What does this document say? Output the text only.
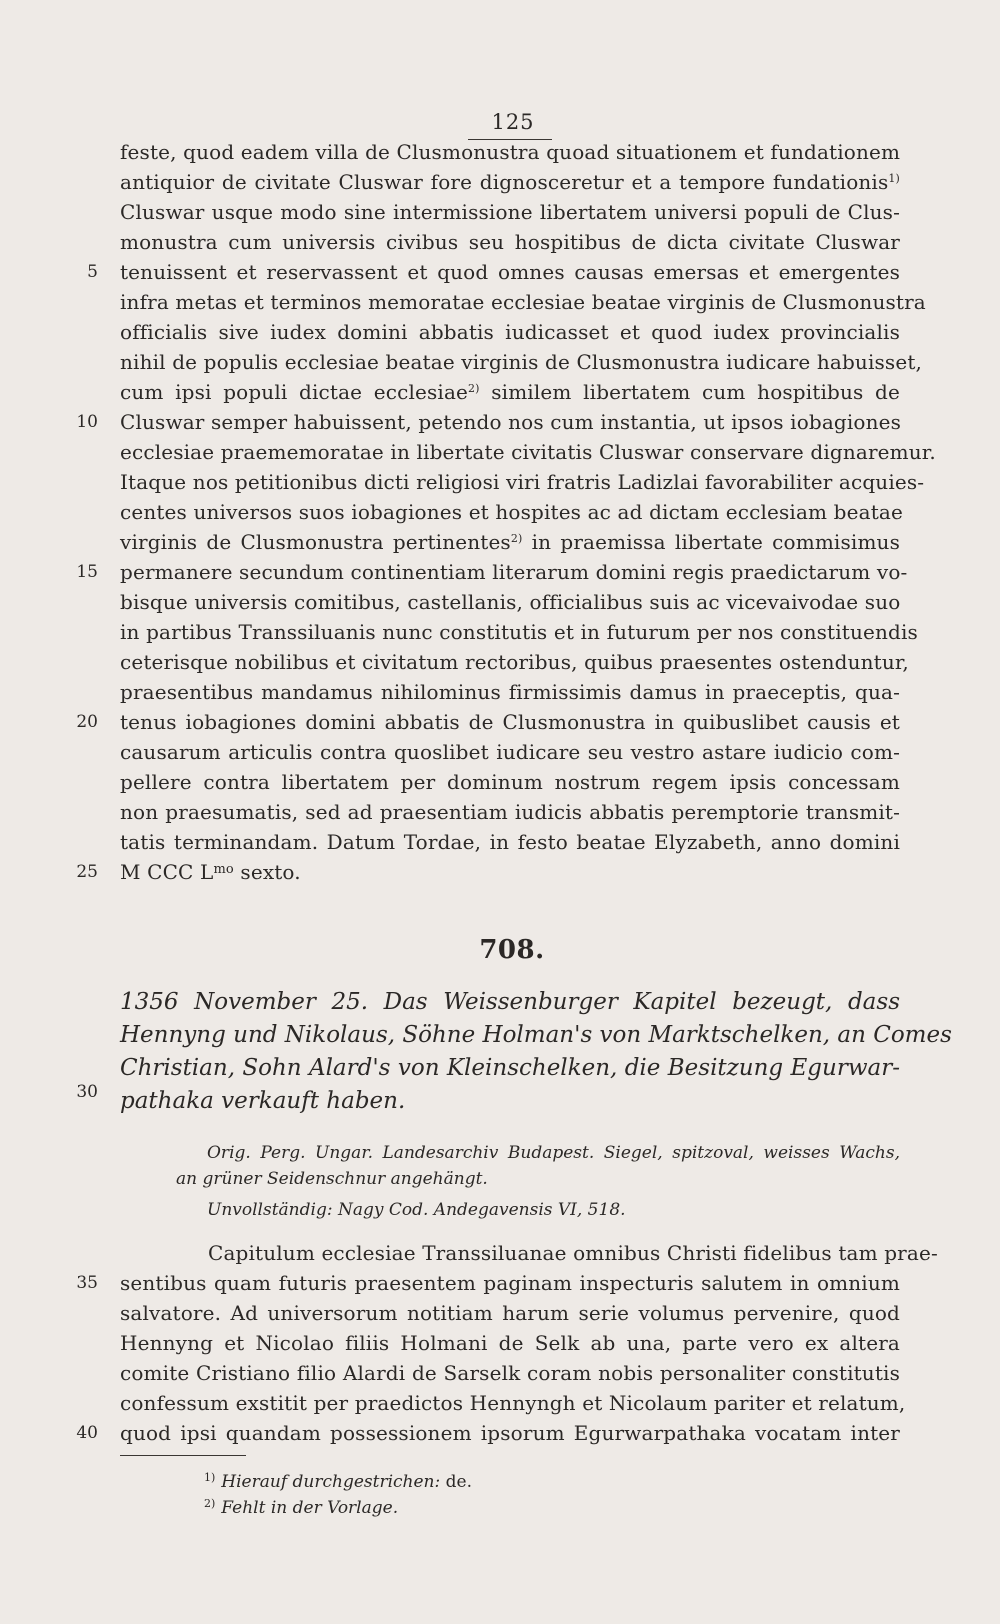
125
feste, quod eadem villa de Clusmonustra quoad situationem et fundationem
antiquior de civitate Cluswar fore dignosceretur et a tempore fundationis$^{1)}$
Cluswar usque modo sine intermissione libertatem universi populi de Clus-
monustra cum universis civibus seu hospitibus de dicta civitate Cluswar
tenuissent et reservassent et quod omnes causas emersas et emergentes
infra metas et terminos memoratae ecclesiae beatae virginis de Clusmonustra
officialis sive iudex domini abbatis iudicasset et quod iudex provincialis
nihil de populis ecclesiae beatae virginis de Clusmonustra iudicare habuisset,
cum ipsi populi dictae ecclesiae$^{2)}$ similem libertatem cum hospitibus de
Cluswar semper habuissent, petendo nos cum instantia, ut ipsos iobagiones
ecclesiae praememoratae in libertate civitatis Cluswar conservare dignaremur.
Itaque nos petitionibus dicti religiosi viri fratris Ladizlai favorabiliter acquies-
centes universos suos iobagiones et hospites ac ad dictam ecclesiam beatae
virginis de Clusmonustra pertinentes$^{2)}$ in praemissa libertate commisimus
permanere secundum continentiam literarum domini regis praedictarum vo-
bisque universis comitibus, castellanis, officialibus suis ac vicevaivodae suo
in partibus Transsiluanis nunc constitutis et in futurum per nos constituendis
ceterisque nobilibus et civitatum rectoribus, quibus praesentes ostenduntur,
praesentibus mandamus nihilominus firmissimis damus in praeceptis, qua-
tenus iobagiones domini abbatis de Clusmonustra in quibuslibet causis et
causarum articulis contra quoslibet iudicare seu vestro astare iudicio com-
pellere contra libertatem per dominum nostrum regem ipsis concessam
non praesumatis, sed ad praesentiam iudicis abbatis peremptorie transmit-
tatis terminandam. Datum Tordae, in festo beatae Elyzabeth, anno domini
M CCC $L^{mo}$ sexto.
5
10
15
20
25
30
35
40
708.
1356 November 25. Das Weissenburger Kapitel bezeugt, dass
Hennyng und Nikolaus, Söhne Holman's von Marktschelken, an Comes
Christian, Sohn Alard's von Kleinschelken, die Besitzung Egurwar-
pathaka verkauft haben.
Orig. Perg. Ungar. Landesarchiv Budapest. Siegel, spitzoval, weisses Wachs,
an grüner Seidenschnur angehängt.
Unvollständig: Nagy Cod. Andegavensis VI, 518.
Capitulum ecclesiae Transsiluanae omnibus Christi fidelibus tam prae-
sentibus quam futuris praesentem paginam inspecturis salutem in omnium
salvatore. Ad universorum notitiam harum serie volumus pervenire, quod
Hennyng et Nicolao filiis Holmani de Selk ab una, parte vero ex altera
comite Cristiano filio Alardi de Sarselk coram nobis personaliter constitutis
confessum exstitit per praedictos Hennyngh et Nicolaum pariter et relatum,
quod ipsi quandam possessionem ipsorum Egurwarpathaka vocatam inter
$^{1)}$ Hierauf durchgestrichen: de.
$^{2)}$ Fehlt in der Vorlage.
